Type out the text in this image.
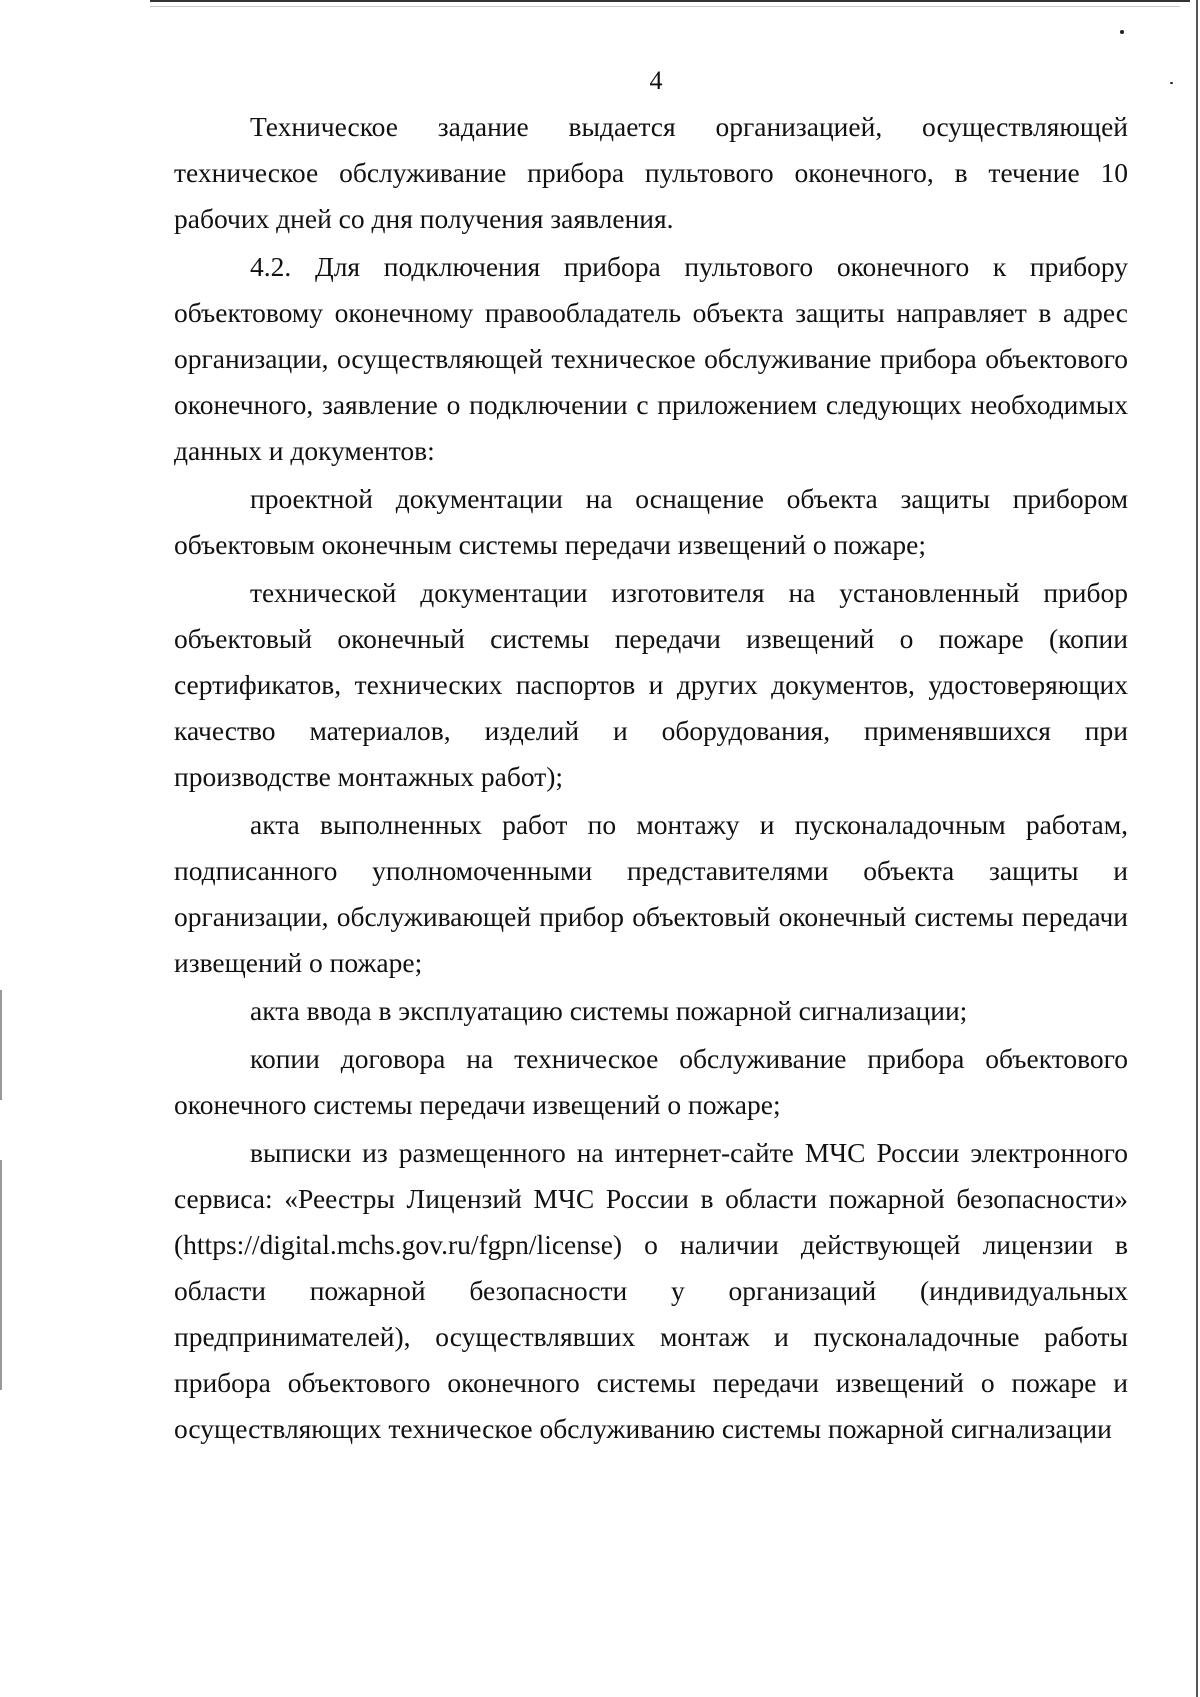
4

Техническое задание выдается организацией, осуществляющей техническое обслуживание прибора пультового оконечного, в течение 10 рабочих дней со дня получения заявления.

4.2. Для подключения прибора пультового оконечного к прибору объектовому оконечному правообладатель объекта защиты направляет в адрес организации, осуществляющей техническое обслуживание прибора объектового оконечного, заявление о подключении с приложением следующих необходимых данных и документов:

проектной документации на оснащение объекта защиты прибором объектовым оконечным системы передачи извещений о пожаре;

технической документации изготовителя на установленный прибор объектовый оконечный системы передачи извещений о пожаре (копии сертификатов, технических паспортов и других документов, удостоверяющих качество материалов, изделий и оборудования, применявшихся при производстве монтажных работ);

акта выполненных работ по монтажу и пусконаладочным работам, подписанного уполномоченными представителями объекта защиты и организации, обслуживающей прибор объектовый оконечный системы передачи извещений о пожаре;

акта ввода в эксплуатацию системы пожарной сигнализации;

копии договора на техническое обслуживание прибора объектового оконечного системы передачи извещений о пожаре;

выписки из размещенного на интернет-сайте МЧС России электронного сервиса: «Реестры Лицензий МЧС России в области пожарной безопасности» (https://digital.mchs.gov.ru/fgpn/license) о наличии действующей лицензии в области пожарной безопасности у организаций (индивидуальных предпринимателей), осуществлявших монтаж и пусконаладочные работы прибора объектового оконечного системы передачи извещений о пожаре и осуществляющих техническое обслуживанию системы пожарной сигнализации
